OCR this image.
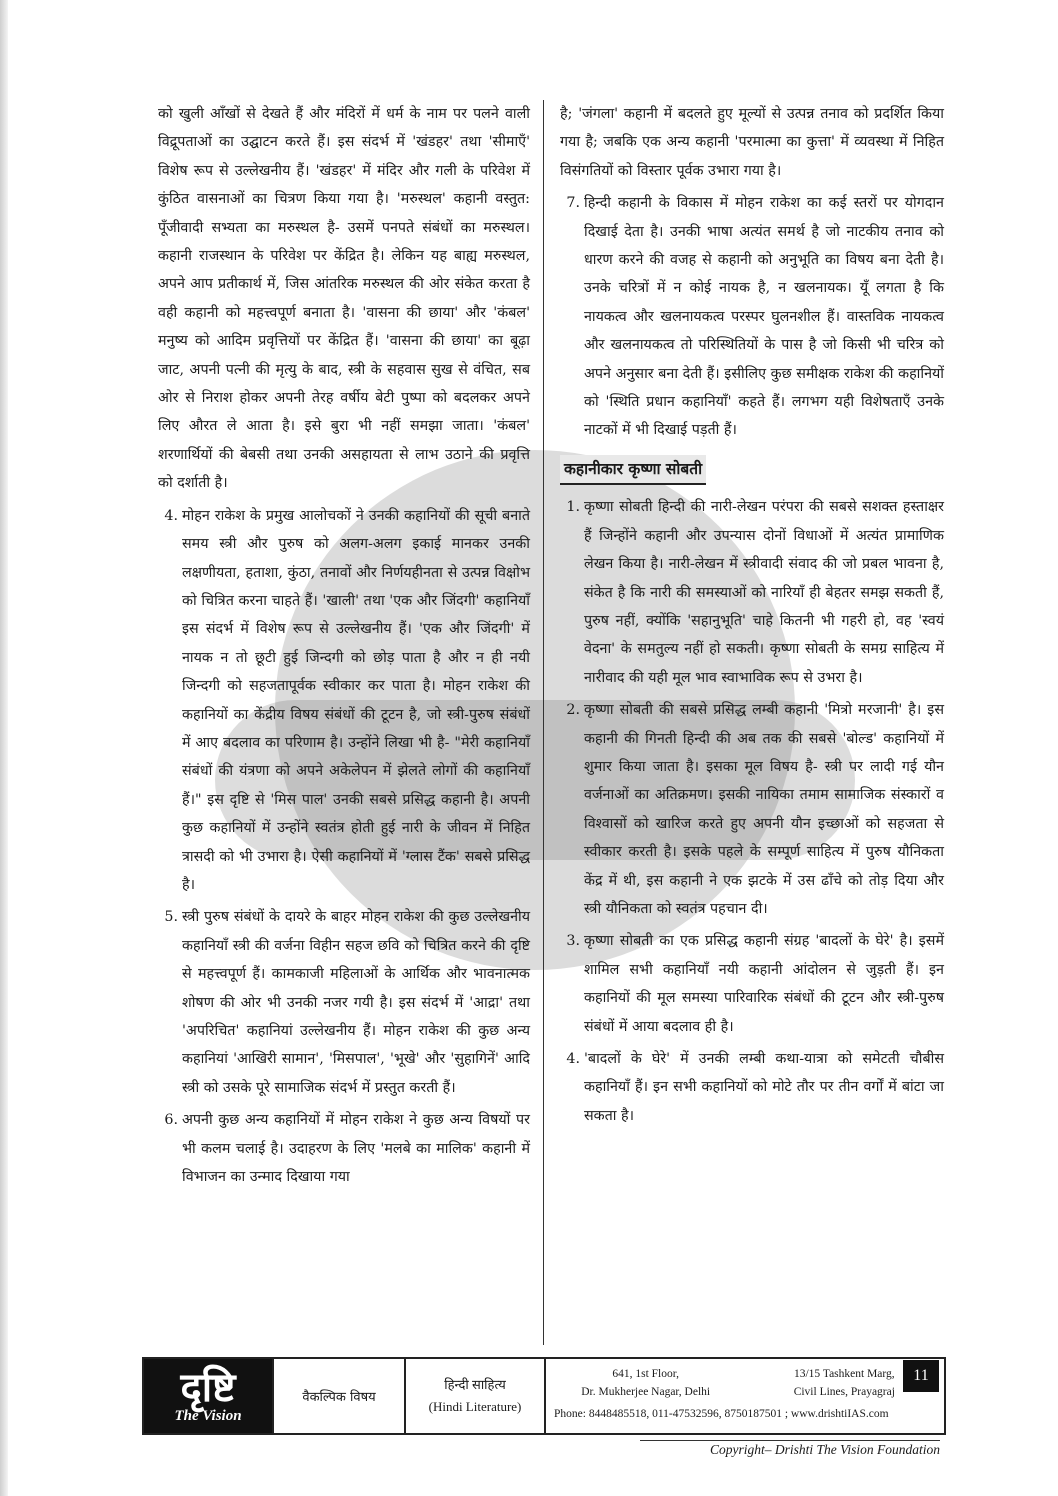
को खुली आँखों से देखते हैं और मंदिरों में धर्म के नाम पर पलने वाली विद्रूपताओं का उद्घाटन करते हैं। इस संदर्भ में 'खंडहर' तथा 'सीमाएँ' विशेष रूप से उल्लेखनीय हैं। 'खंडहर' में मंदिर और गली के परिवेश में कुंठित वासनाओं का चित्रण किया गया है। 'मरुस्थल' कहानी वस्तुत: पूँजीवादी सभ्यता का मरुस्थल है- उसमें पनपते संबंधों का मरुस्थल। कहानी राजस्थान के परिवेश पर केंद्रित है। लेकिन यह बाह्य मरुस्थल, अपने आप प्रतीकार्थ में, जिस आंतरिक मरुस्थल की ओर संकेत करता है वही कहानी को महत्त्वपूर्ण बनाता है। 'वासना की छाया' और 'कंबल' मनुष्य को आदिम प्रवृत्तियों पर केंद्रित हैं। 'वासना की छाया' का बूढ़ा जाट, अपनी पत्नी की मृत्यु के बाद, स्त्री के सहवास सुख से वंचित, सब ओर से निराश होकर अपनी तेरह वर्षीय बेटी पुष्पा को बदलकर अपने लिए औरत ले आता है। इसे बुरा भी नहीं समझा जाता। 'कंबल' शरणार्थियों की बेबसी तथा उनकी असहायता से लाभ उठाने की प्रवृत्ति को दर्शाती है।

4. मोहन राकेश के प्रमुख आलोचकों ने उनकी कहानियों की सूची बनाते समय स्त्री और पुरुष को अलग-अलग इकाई मानकर उनकी लक्षणीयता, हताशा, कुंठा, तनावों और निर्णयहीनता से उत्पन्न विक्षोभ को चित्रित करना चाहते हैं। 'खाली' तथा 'एक और जिंदगी' कहानियाँ इस संदर्भ में विशेष रूप से उल्लेखनीय हैं। 'एक और जिंदगी' में नायक न तो छूटी हुई जिन्दगी को छोड़ पाता है और न ही नयी जिन्दगी को सहजतापूर्वक स्वीकार कर पाता है। मोहन राकेश की कहानियों का केंद्रीय विषय संबंधों की टूटन है, जो स्त्री-पुरुष संबंधों में आए बदलाव का परिणाम है। उन्होंने लिखा भी है- "मेरी कहानियाँ संबंधों की यंत्रणा को अपने अकेलेपन में झेलते लोगों की कहानियाँ हैं।" इस दृष्टि से 'मिस पाल' उनकी सबसे प्रसिद्ध कहानी है। अपनी कुछ कहानियों में उन्होंने स्वतंत्र होती हुई नारी के जीवन में निहित त्रासदी को भी उभारा है। ऐसी कहानियों में 'ग्लास टैंक' सबसे प्रसिद्ध है।

5. स्त्री पुरुष संबंधों के दायरे के बाहर मोहन राकेश की कुछ उल्लेखनीय कहानियाँ स्त्री की वर्जना विहीन सहज छवि को चित्रित करने की दृष्टि से महत्त्वपूर्ण हैं। कामकाजी महिलाओं के आर्थिक और भावनात्मक शोषण की ओर भी उनकी नजर गयी है। इस संदर्भ में 'आद्रा' तथा 'अपरिचित' कहानियां उल्लेखनीय हैं। मोहन राकेश की कुछ अन्य कहानियां 'आखिरी सामान', 'मिसपाल', 'भूखे' और 'सुहागिनें' आदि स्त्री को उसके पूरे सामाजिक संदर्भ में प्रस्तुत करती हैं।

6. अपनी कुछ अन्य कहानियों में मोहन राकेश ने कुछ अन्य विषयों पर भी कलम चलाई है। उदाहरण के लिए 'मलबे का मालिक' कहानी में विभाजन का उन्माद दिखाया गया

है; 'जंगला' कहानी में बदलते हुए मूल्यों से उत्पन्न तनाव को प्रदर्शित किया गया है; जबकि एक अन्य कहानी 'परमात्मा का कुत्ता' में व्यवस्था में निहित विसंगतियों को विस्तार पूर्वक उभारा गया है।

7. हिन्दी कहानी के विकास में मोहन राकेश का कई स्तरों पर योगदान दिखाई देता है। उनकी भाषा अत्यंत समर्थ है जो नाटकीय तनाव को धारण करने की वजह से कहानी को अनुभूति का विषय बना देती है। उनके चरित्रों में न कोई नायक है, न खलनायक। यूँ लगता है कि नायकत्व और खलनायकत्व परस्पर घुलनशील हैं। वास्तविक नायकत्व और खलनायकत्व तो परिस्थितियों के पास है जो किसी भी चरित्र को अपने अनुसार बना देती हैं। इसीलिए कुछ समीक्षक राकेश की कहानियों को 'स्थिति प्रधान कहानियाँ' कहते हैं। लगभग यही विशेषताएँ उनके नाटकों में भी दिखाई पड़ती हैं।

कहानीकार कृष्णा सोबती
1. कृष्णा सोबती हिन्दी की नारी-लेखन परंपरा की सबसे सशक्त हस्ताक्षर हैं जिन्होंने कहानी और उपन्यास दोनों विधाओं में अत्यंत प्रामाणिक लेखन किया है। नारी-लेखन में स्त्रीवादी संवाद की जो प्रबल भावना है, संकेत है कि नारी की समस्याओं को नारियाँ ही बेहतर समझ सकती हैं, पुरुष नहीं, क्योंकि 'सहानुभूति' चाहे कितनी भी गहरी हो, वह 'स्वयं वेदना' के समतुल्य नहीं हो सकती। कृष्णा सोबती के समग्र साहित्य में नारीवाद की यही मूल भाव स्वाभाविक रूप से उभरा है।

2. कृष्णा सोबती की सबसे प्रसिद्ध लम्बी कहानी 'मित्रो मरजानी' है। इस कहानी की गिनती हिन्दी की अब तक की सबसे 'बोल्ड' कहानियों में शुमार किया जाता है। इसका मूल विषय है- स्त्री पर लादी गई यौन वर्जनाओं का अतिक्रमण। इसकी नायिका तमाम सामाजिक संस्कारों व विश्वासों को खारिज करते हुए अपनी यौन इच्छाओं को सहजता से स्वीकार करती है। इसके पहले के सम्पूर्ण साहित्य में पुरुष यौनिकता केंद्र में थी, इस कहानी ने एक झटके में उस ढाँचे को तोड़ दिया और स्त्री यौनिकता को स्वतंत्र पहचान दी।

3. कृष्णा सोबती का एक प्रसिद्ध कहानी संग्रह 'बादलों के घेरे' है। इसमें शामिल सभी कहानियाँ नयी कहानी आंदोलन से जुड़ती हैं। इन कहानियों की मूल समस्या पारिवारिक संबंधों की टूटन और स्त्री-पुरुष संबंधों में आया बदलाव ही है।

4. 'बादलों के घेरे' में उनकी लम्बी कथा-यात्रा को समेटती चौबीस कहानियाँ हैं। इन सभी कहानियों को मोटे तौर पर तीन वर्गों में बांटा जा सकता है।

दृष्टि
The Vision
वैकल्पिक विषय
हिन्दी साहित्य
(Hindi Literature)
641, 1st Floor,	13/15 Tashkent Marg,
Dr. Mukherjee Nagar, Delhi	Civil Lines, Prayagraj
Phone: 8448485518, 011-47532596, 8750187501 ; www.drishtiIAS.com
11
Copyright– Drishti The Vision Foundation
